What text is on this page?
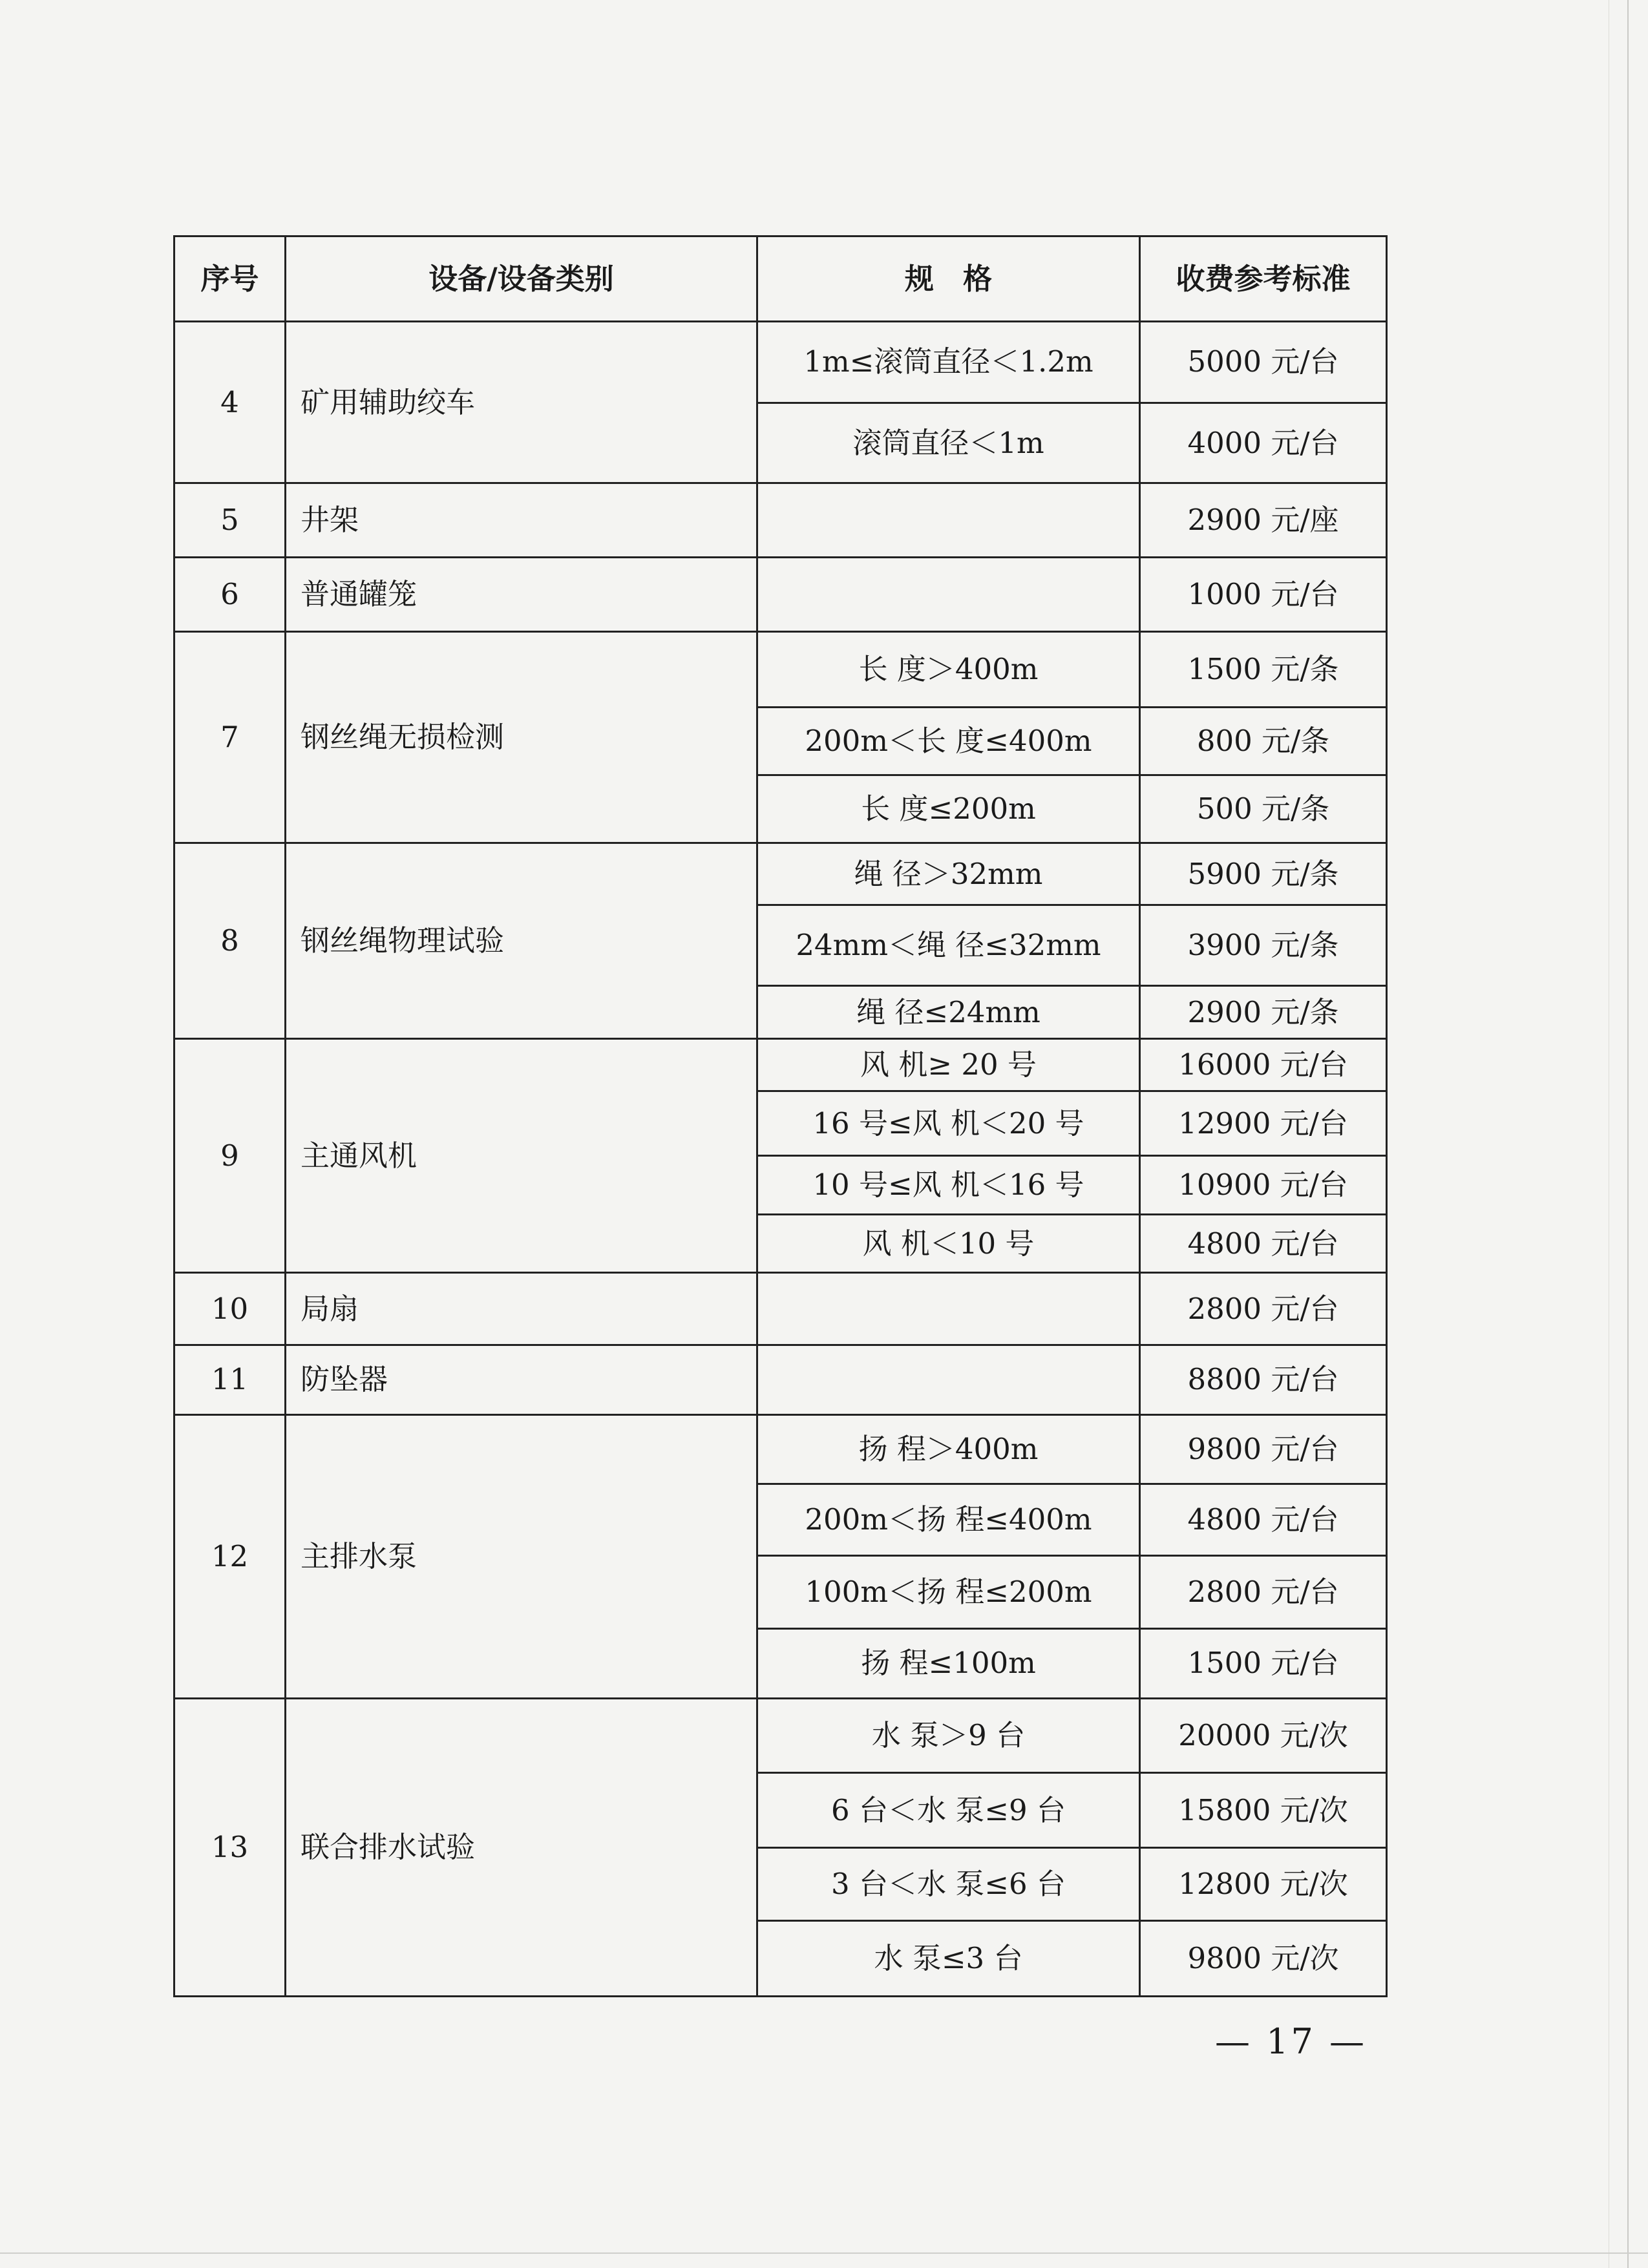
序号	设备/设备类别	规　格	收费参考标准
4	矿用辅助绞车	1m≤滚筒直径＜1.2m	5000 元/台
		滚筒直径＜1m	4000 元/台
5	井架		2900 元/座
6	普通罐笼		1000 元/台
7	钢丝绳无损检测	长 度＞400m	1500 元/条
		200m＜长 度≤400m	800 元/条
		长 度≤200m	500 元/条
8	钢丝绳物理试验	绳 径＞32mm	5900 元/条
		24mm＜绳 径≤32mm	3900 元/条
		绳 径≤24mm	2900 元/条
9	主通风机	风 机≥ 20 号	16000 元/台
		16 号≤风 机＜20 号	12900 元/台
		10 号≤风 机＜16 号	10900 元/台
		风 机＜10 号	4800 元/台
10	局扇		2800 元/台
11	防坠器		8800 元/台
12	主排水泵	扬 程＞400m	9800 元/台
		200m＜扬 程≤400m	4800 元/台
		100m＜扬 程≤200m	2800 元/台
		扬 程≤100m	1500 元/台
13	联合排水试验	水 泵＞9 台	20000 元/次
		6 台＜水 泵≤9 台	15800 元/次
		3 台＜水 泵≤6 台	12800 元/次
		水 泵≤3 台	9800 元/次
— 17 —
